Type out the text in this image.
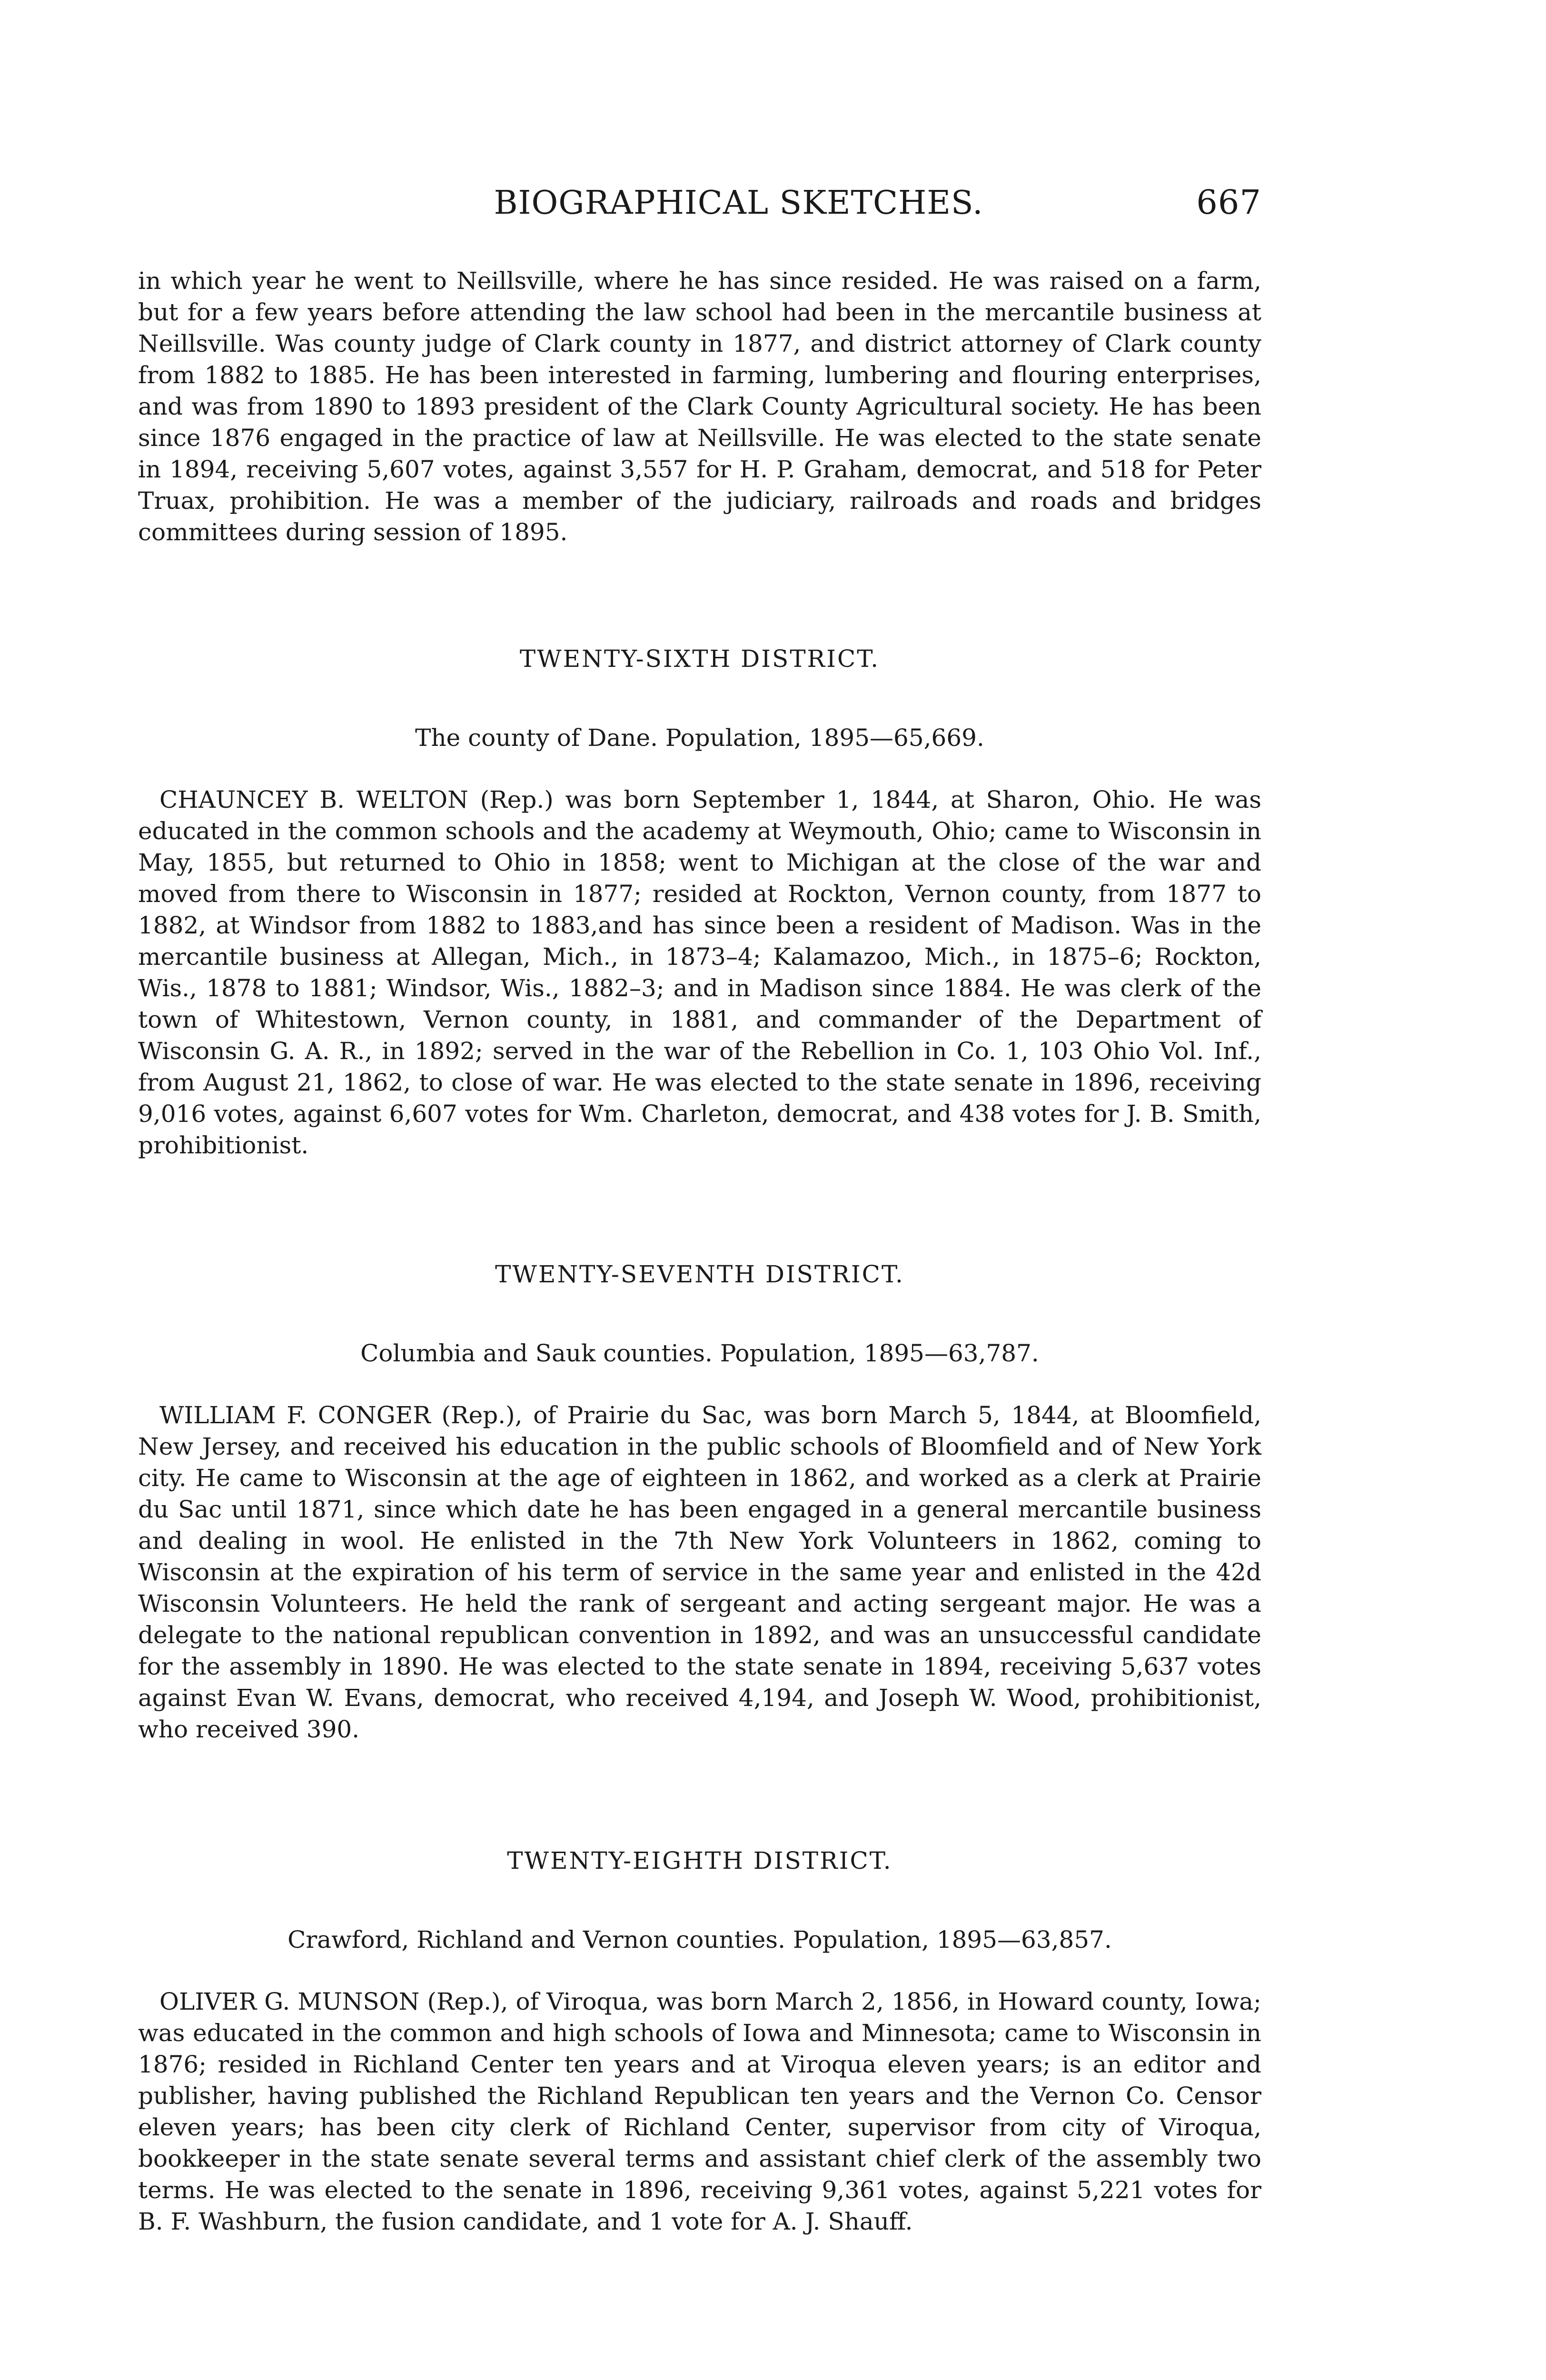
BIOGRAPHICAL SKETCHES.	667

in which year he went to Neillsville, where he has since resided. He was raised on a farm, but for a few years before attending the law school had been in the mercantile business at Neillsville. Was county judge of Clark county in 1877, and district attorney of Clark county from 1882 to 1885. He has been interested in farming, lumbering and flouring enterprises, and was from 1890 to 1893 president of the Clark County Agricultural society. He has been since 1876 engaged in the practice of law at Neillsville. He was elected to the state senate in 1894, receiving 5,607 votes, against 3,557 for H. P. Graham, democrat, and 518 for Peter Truax, prohibition. He was a member of the judiciary, railroads and roads and bridges committees during session of 1895.

TWENTY-SIXTH DISTRICT.
The county of Dane. Population, 1895—65,669.

CHAUNCEY B. WELTON (Rep.) was born September 1, 1844, at Sharon, Ohio. He was educated in the common schools and the academy at Weymouth, Ohio; came to Wisconsin in May, 1855, but returned to Ohio in 1858; went to Michigan at the close of the war and moved from there to Wisconsin in 1877; resided at Rockton, Vernon county, from 1877 to 1882, at Windsor from 1882 to 1883,and has since been a resident of Madison. Was in the mercantile business at Allegan, Mich., in 1873–4; Kalamazoo, Mich., in 1875–6; Rockton, Wis., 1878 to 1881; Windsor, Wis., 1882–3; and in Madison since 1884. He was clerk of the town of Whitestown, Vernon county, in 1881, and commander of the Department of Wisconsin G. A. R., in 1892; served in the war of the Rebellion in Co. 1, 103 Ohio Vol. Inf., from August 21, 1862, to close of war. He was elected to the state senate in 1896, receiving 9,016 votes, against 6,607 votes for Wm. Charleton, democrat, and 438 votes for J. B. Smith, prohibitionist.

TWENTY-SEVENTH DISTRICT.
Columbia and Sauk counties. Population, 1895—63,787.

WILLIAM F. CONGER (Rep.), of Prairie du Sac, was born March 5, 1844, at Bloomfield, New Jersey, and received his education in the public schools of Bloomfield and of New York city. He came to Wisconsin at the age of eighteen in 1862, and worked as a clerk at Prairie du Sac until 1871, since which date he has been engaged in a general mercantile business and dealing in wool. He enlisted in the 7th New York Volunteers in 1862, coming to Wisconsin at the expiration of his term of service in the same year and enlisted in the 42d Wisconsin Volunteers. He held the rank of sergeant and acting sergeant major. He was a delegate to the national republican convention in 1892, and was an unsuccessful candidate for the assembly in 1890. He was elected to the state senate in 1894, receiving 5,637 votes against Evan W. Evans, democrat, who received 4,194, and Joseph W. Wood, prohibitionist, who received 390.

TWENTY-EIGHTH DISTRICT.
Crawford, Richland and Vernon counties. Population, 1895—63,857.

OLIVER G. MUNSON (Rep.), of Viroqua, was born March 2, 1856, in Howard county, Iowa; was educated in the common and high schools of Iowa and Minnesota; came to Wisconsin in 1876; resided in Richland Center ten years and at Viroqua eleven years; is an editor and publisher, having published the Richland Republican ten years and the Vernon Co. Censor eleven years; has been city clerk of Richland Center, supervisor from city of Viroqua, bookkeeper in the state senate several terms and assistant chief clerk of the assembly two terms. He was elected to the senate in 1896, receiving 9,361 votes, against 5,221 votes for B. F. Washburn, the fusion candidate, and 1 vote for A. J. Shauff.
